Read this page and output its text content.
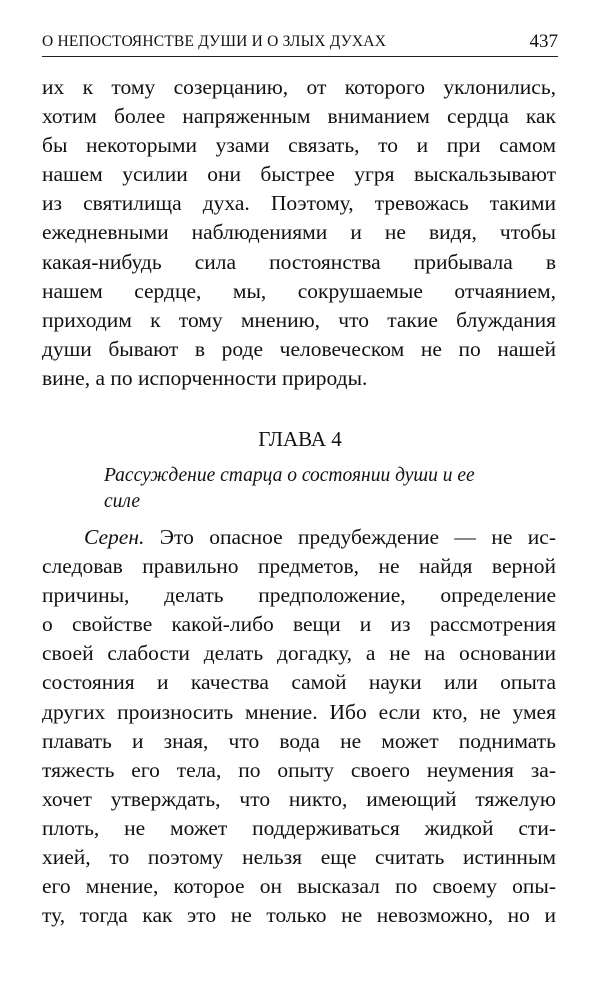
О НЕПОСТОЯНСТВЕ ДУШИ И О ЗЛЫХ ДУХАХ	437
их к тому созерцанию, от которого уклонились,
хотим более напряженным вниманием сердца как
бы некоторыми узами связать, то и при самом
нашем усилии они быстрее угря выскальзывают
из святилища духа. Поэтому, тревожась такими
ежедневными наблюдениями и не видя, чтобы
какая-нибудь сила постоянства прибывала в
нашем сердце, мы, сокрушаемые отчаянием,
приходим к тому мнению, что такие блуждания
души бывают в роде человеческом не по нашей
вине, а по испорченности природы.
ГЛАВА 4
Рассуждение старца о состоянии души и ее
силе
Серен. Это опасное предубеждение — не ис-
следовав правильно предметов, не найдя верной
причины, делать предположение, определение
о свойстве какой-либо вещи и из рассмотрения
своей слабости делать догадку, а не на основании
состояния и качества самой науки или опыта
других произносить мнение. Ибо если кто, не умея
плавать и зная, что вода не может поднимать
тяжесть его тела, по опыту своего неумения за-
хочет утверждать, что никто, имеющий тяжелую
плоть, не может поддерживаться жидкой сти-
хией, то поэтому нельзя еще считать истинным
его мнение, которое он высказал по своему опы-
ту, тогда как это не только не невозможно, но и
